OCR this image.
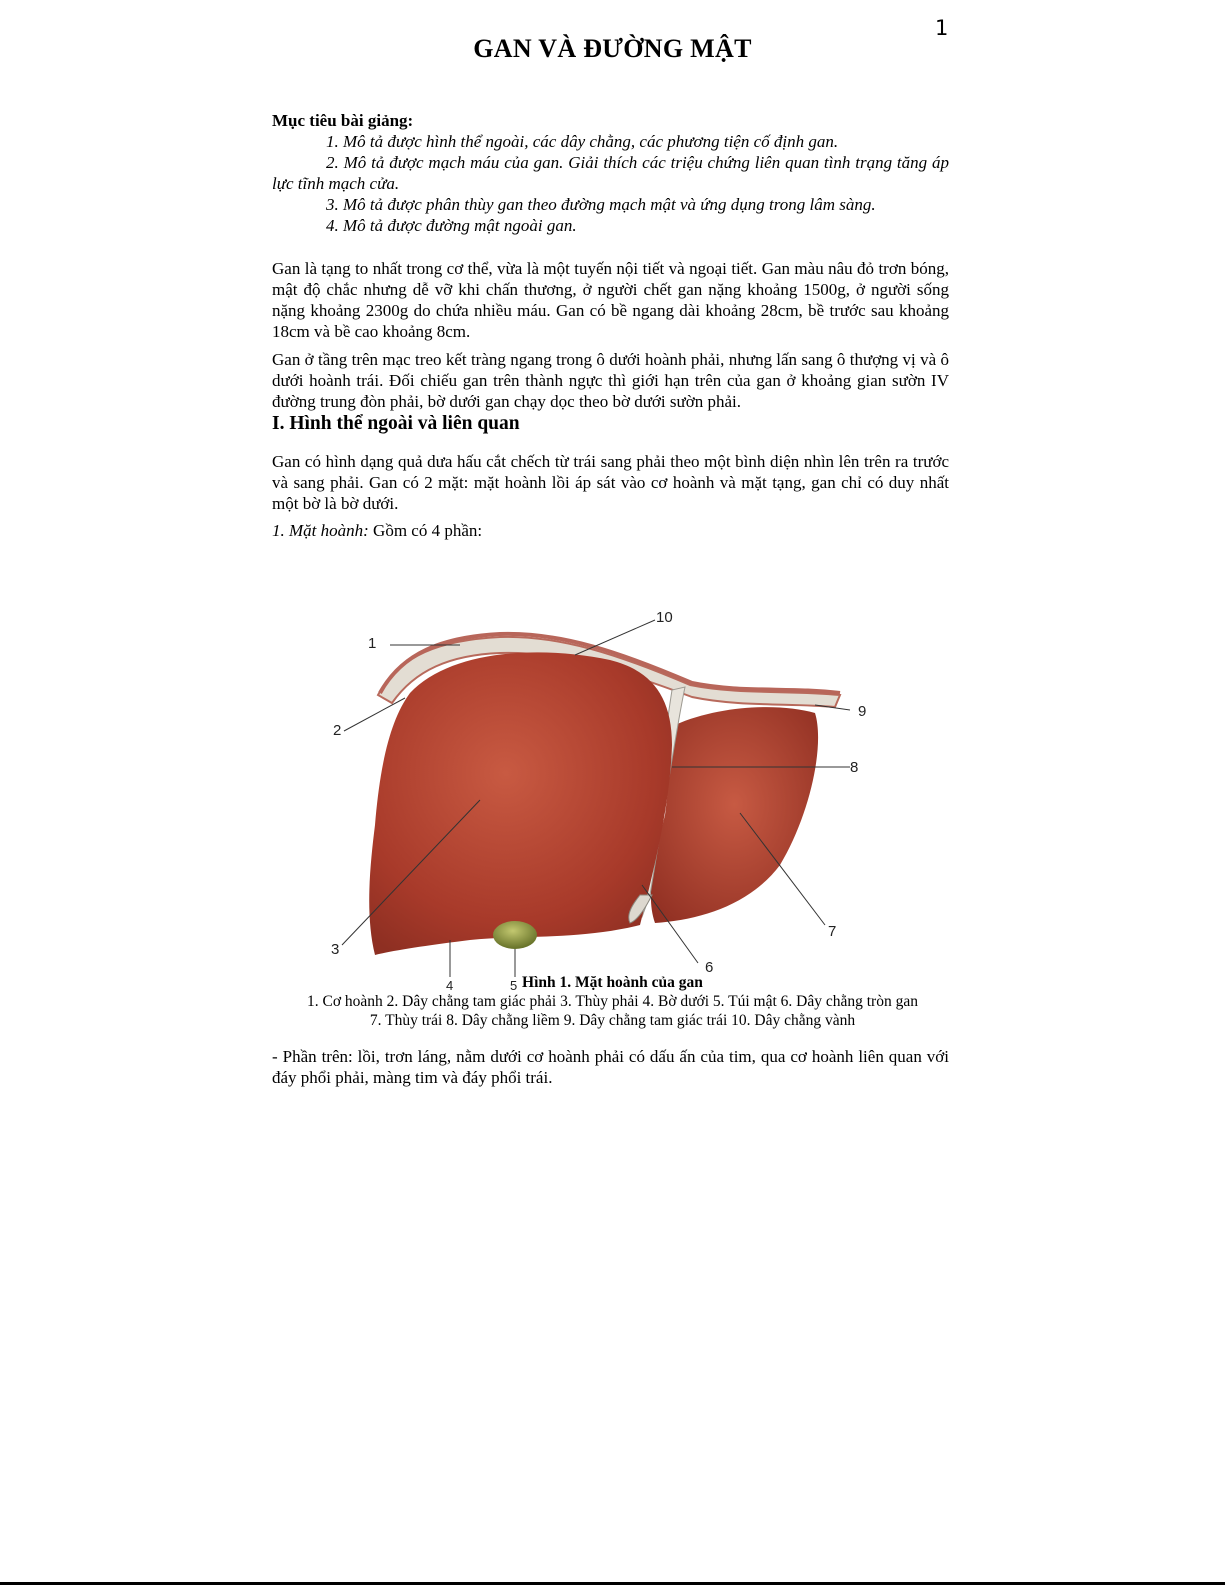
1
GAN VÀ ĐƯỜNG MẬT
Mục tiêu bài giảng:
1. Mô tả được hình thể ngoài, các dây chằng, các phương tiện cố định gan.
2. Mô tả được mạch máu của gan. Giải thích các triệu chứng liên quan tình trạng tăng áp lực tĩnh mạch cửa.
3. Mô tả được phân thùy gan theo đường mạch mật và ứng dụng trong lâm sàng.
4. Mô tả được đường mật ngoài gan.
Gan là tạng to nhất trong cơ thể, vừa là một tuyến nội tiết và ngoại tiết. Gan màu nâu đỏ trơn bóng, mật độ chắc nhưng dễ vỡ khi chấn thương, ở người chết gan nặng khoảng 1500g, ở người sống nặng khoảng 2300g do chứa nhiều máu. Gan có bề ngang dài khoảng 28cm, bề trước sau khoảng 18cm và bề cao khoảng 8cm.
Gan ở tầng trên mạc treo kết tràng ngang trong ô dưới hoành phải, nhưng lấn sang ô thượng vị và ô dưới hoành trái. Đối chiếu gan trên thành ngực thì giới hạn trên của gan ở khoảng gian sườn IV đường trung đòn phải, bờ dưới gan chạy dọc theo bờ dưới sườn phải.
I. Hình thể ngoài và liên quan
Gan có hình dạng quả dưa hấu cắt chếch từ trái sang phải theo một bình diện nhìn lên trên ra trước và sang phải. Gan có 2 mặt: mặt hoành lồi áp sát vào cơ hoành và mặt tạng, gan chỉ có duy nhất một bờ là bờ dưới.
1. Mặt hoành: Gồm có 4 phần:
1
2
3
4	5
6
7
8
9
10
Hình 1. Mặt hoành của gan
1. Cơ hoành 2. Dây chằng tam giác phải 3. Thùy phải 4. Bờ dưới 5. Túi mật 6. Dây chằng tròn gan
7. Thùy trái 8. Dây chằng liềm 9. Dây chằng tam giác trái 10. Dây chằng vành
- Phần trên: lồi, trơn láng, nằm dưới cơ hoành phải có dấu ấn của tim, qua cơ hoành liên quan với đáy phổi phải, màng tim và đáy phổi trái.
